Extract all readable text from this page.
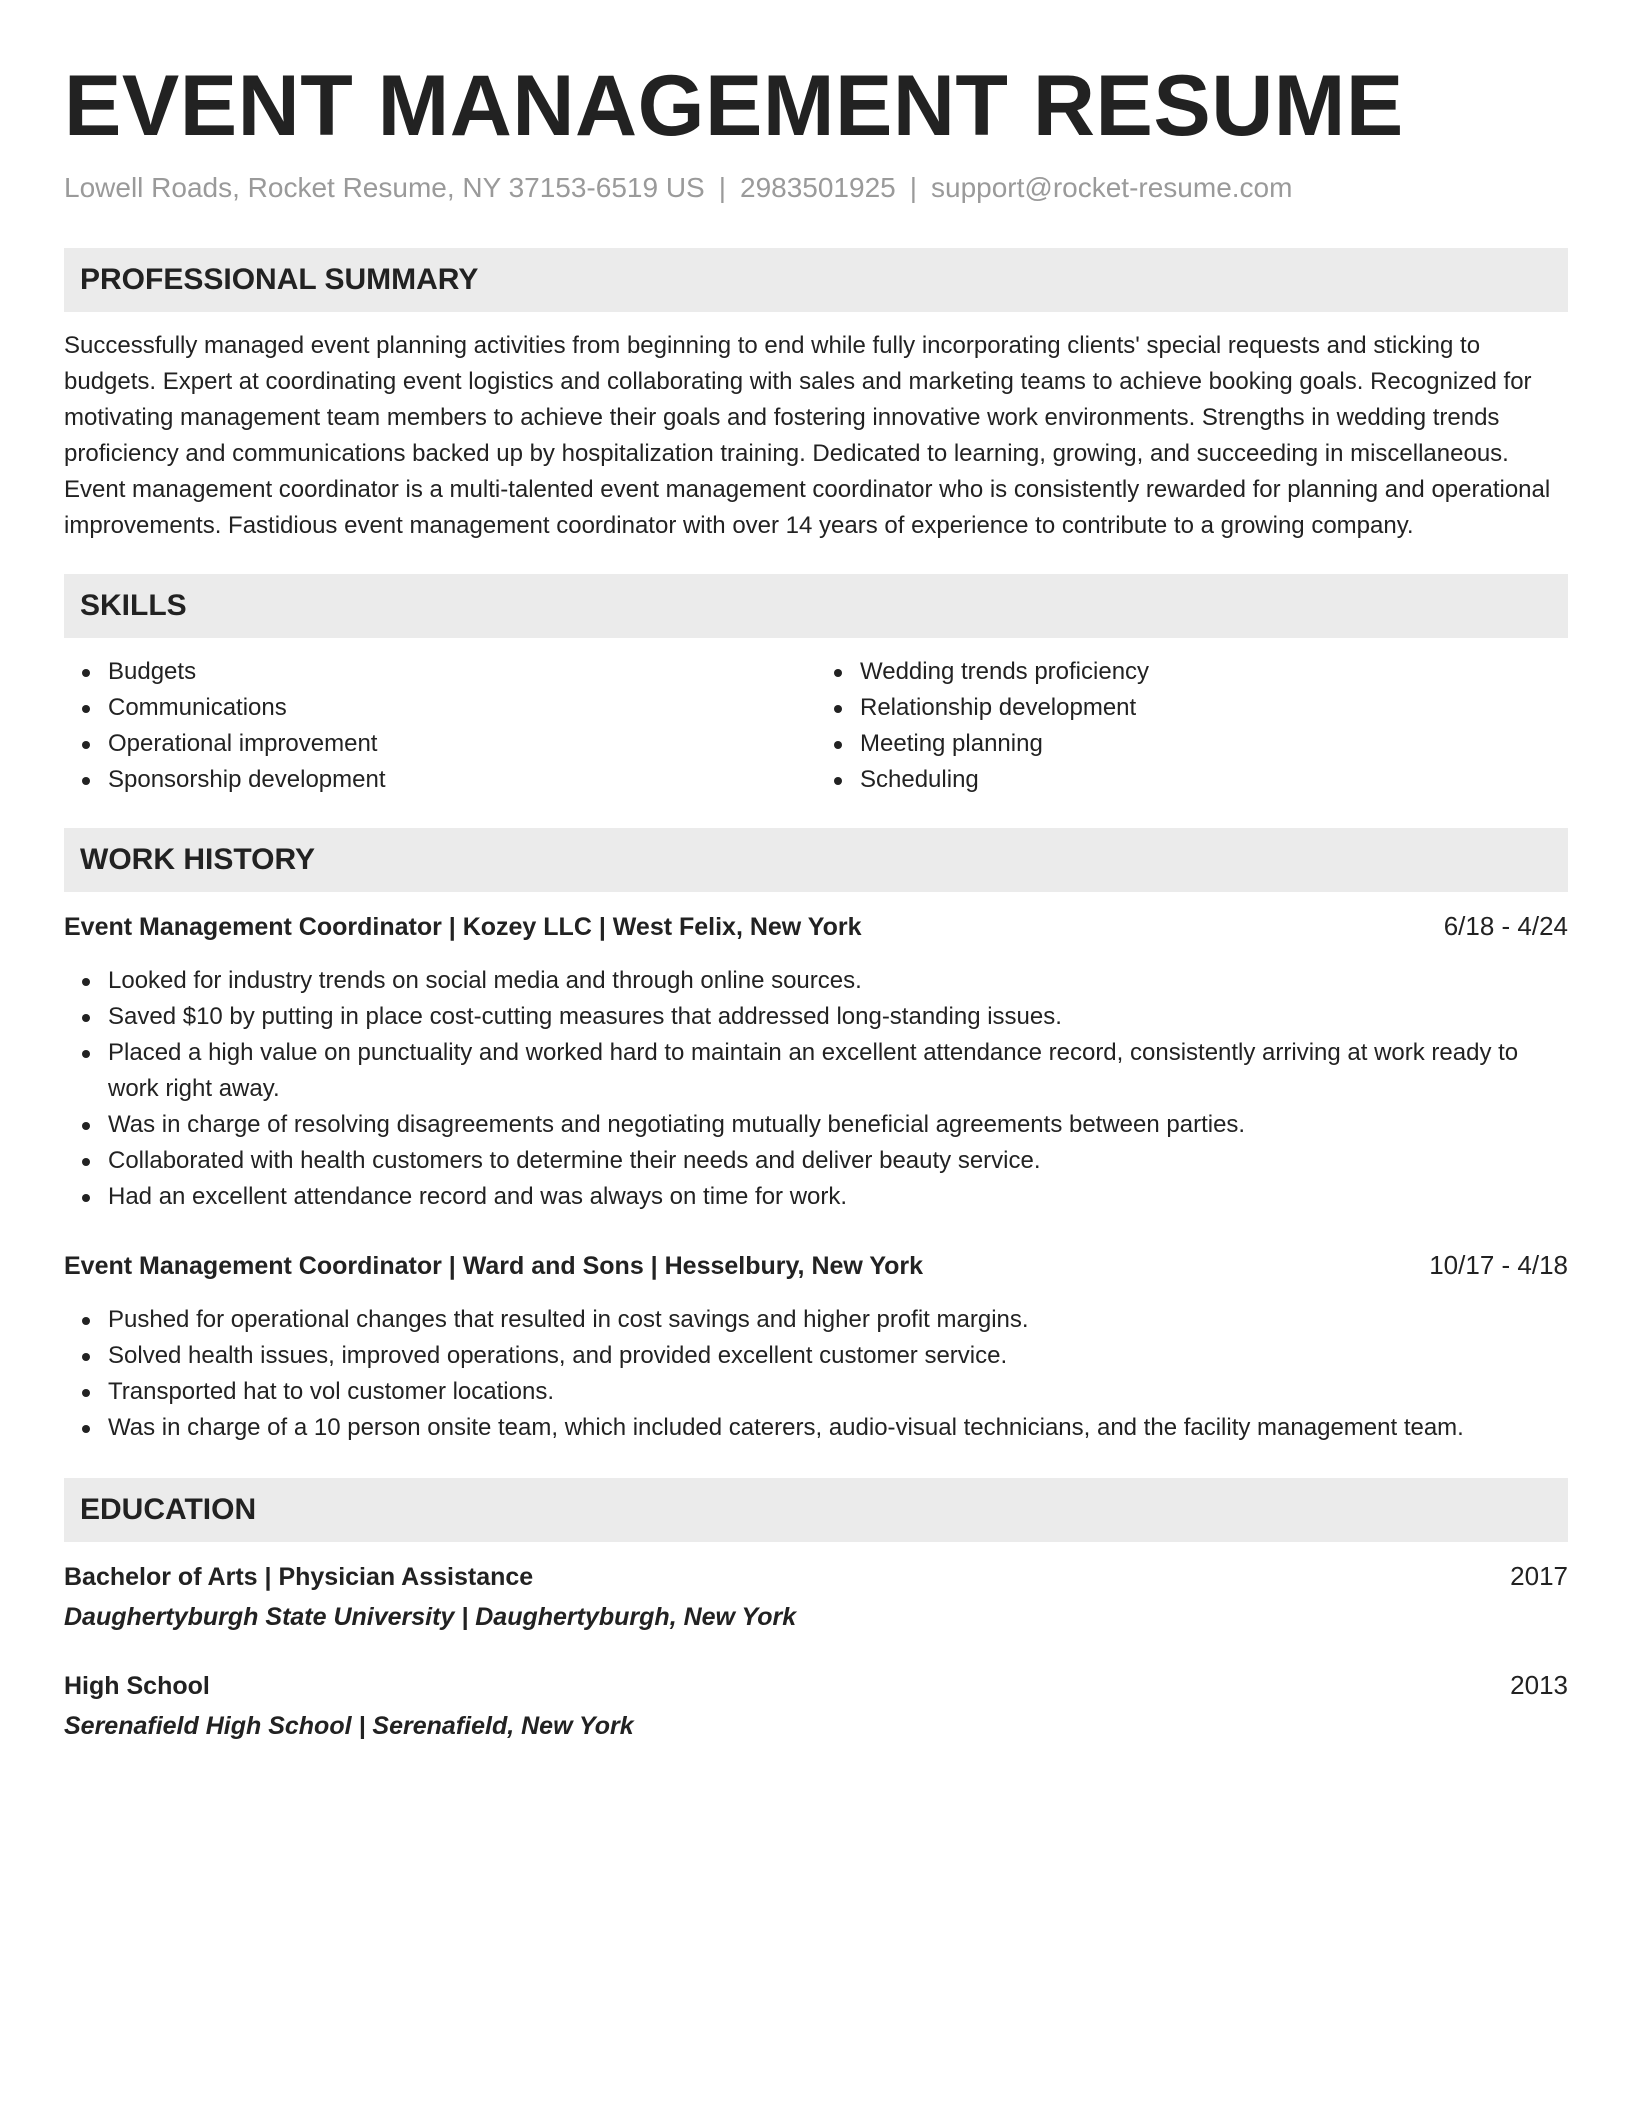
EVENT MANAGEMENT RESUME
Lowell Roads, Rocket Resume, NY 37153-6519 US | 2983501925 | support@rocket-resume.com
PROFESSIONAL SUMMARY

Successfully managed event planning activities from beginning to end while fully incorporating clients' special requests and sticking to budgets. Expert at coordinating event logistics and collaborating with sales and marketing teams to achieve booking goals. Recognized for motivating management team members to achieve their goals and fostering innovative work environments. Strengths in wedding trends proficiency and communications backed up by hospitalization training. Dedicated to learning, growing, and succeeding in miscellaneous. Event management coordinator is a multi-talented event management coordinator who is consistently rewarded for planning and operational improvements. Fastidious event management coordinator with over 14 years of experience to contribute to a growing company.

SKILLS
Budgets
Communications
Operational improvement
Sponsorship development
Wedding trends proficiency
Relationship development
Meeting planning
Scheduling
WORK HISTORY
Event Management Coordinator | Kozey LLC | West Felix, New York	6/18 - 4/24
Looked for industry trends on social media and through online sources.
Saved $10 by putting in place cost-cutting measures that addressed long-standing issues.
Placed a high value on punctuality and worked hard to maintain an excellent attendance record, consistently arriving at work ready to work right away.
Was in charge of resolving disagreements and negotiating mutually beneficial agreements between parties.
Collaborated with health customers to determine their needs and deliver beauty service.
Had an excellent attendance record and was always on time for work.
Event Management Coordinator | Ward and Sons | Hesselbury, New York	10/17 - 4/18
Pushed for operational changes that resulted in cost savings and higher profit margins.
Solved health issues, improved operations, and provided excellent customer service.
Transported hat to vol customer locations.
Was in charge of a 10 person onsite team, which included caterers, audio-visual technicians, and the facility management team.
EDUCATION
Bachelor of Arts | Physician Assistance	2017
Daughertyburgh State University | Daughertyburgh, New York
High School	2013
Serenafield High School | Serenafield, New York
